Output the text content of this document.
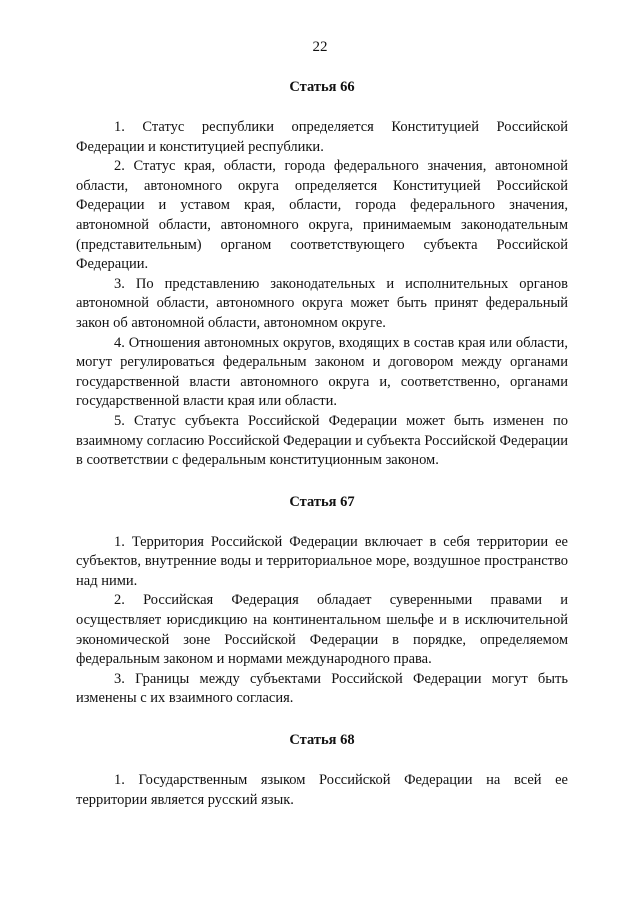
22
Статья 66

1. Статус республики определяется Конституцией Российской Федерации и конституцией республики.

2. Статус края, области, города федерального значения, автономной области, автономного округа определяется Конституцией Российской Федерации и уставом края, области, города федерального значения, автономной области, автономного округа, принимаемым законодательным (представительным) органом соответствующего субъекта Российской Федерации.

3. По представлению законодательных и исполнительных органов автономной области, автономного округа может быть принят федеральный закон об автономной области, автономном округе.

4. Отношения автономных округов, входящих в состав края или области, могут регулироваться федеральным законом и договором между органами государственной власти автономного округа и, соответственно, органами государственной власти края или области.

5. Статус субъекта Российской Федерации может быть изменен по взаимному согласию Российской Федерации и субъекта Российской Федерации в соответствии с федеральным конституционным законом.

Статья 67

1. Территория Российской Федерации включает в себя территории ее субъектов, внутренние воды и территориальное море, воздушное пространство над ними.

2. Российская Федерация обладает суверенными правами и осуществляет юрисдикцию на континентальном шельфе и в исключительной экономической зоне Российской Федерации в порядке, определяемом федеральным законом и нормами международного права.

3. Границы между субъектами Российской Федерации могут быть изменены с их взаимного согласия.

Статья 68

1. Государственным языком Российской Федерации на всей ее территории является русский язык.
